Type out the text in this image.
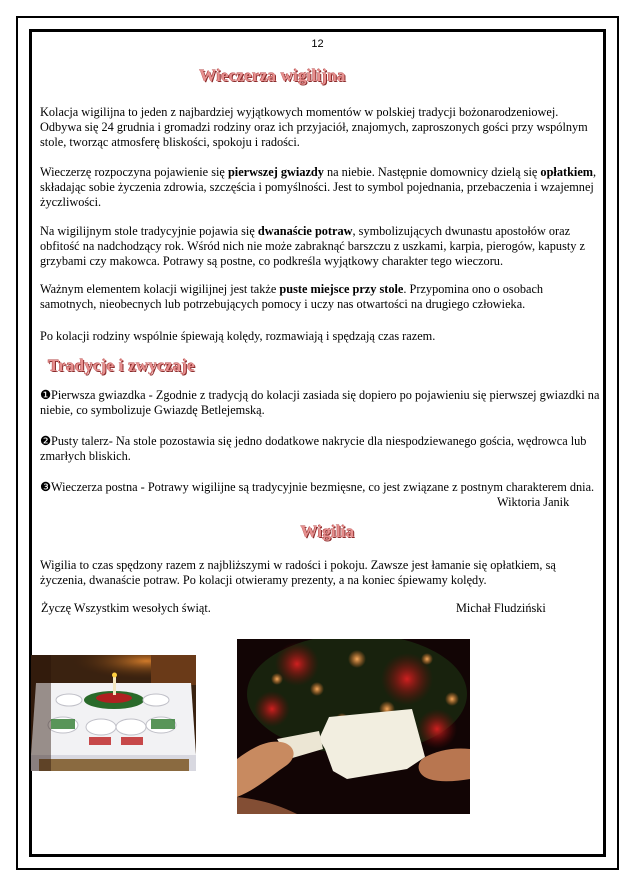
12
Wieczerza wigilijna
Kolacja wigilijna to jeden z najbardziej wyjątkowych momentów w polskiej tradycji bożonarodzeniowej. Odbywa się 24 grudnia i gromadzi rodziny oraz ich przyjaciół, znajomych, zaproszonych gości przy wspólnym stole, tworząc atmosferę bliskości, spokoju i radości.
Wieczerzę rozpoczyna pojawienie się pierwszej gwiazdy na niebie. Następnie domownicy dzielą się opłatkiem, składając sobie życzenia zdrowia, szczęścia i pomyślności. Jest to symbol pojednania, przebaczenia i wzajemnej życzliwości.
Na wigilijnym stole tradycyjnie pojawia się dwanaście potraw, symbolizujących dwunastu apostołów oraz obfitość na nadchodzący rok. Wśród nich nie może zabraknąć barszczu z uszkami, karpia, pierogów, kapusty z grzybami czy makowca. Potrawy są postne, co podkreśla wyjątkowy charakter tego wieczoru.
Ważnym elementem kolacji wigilijnej jest także puste miejsce przy stole. Przypomina ono o osobach samotnych, nieobecnych lub potrzebujących pomocy i uczy nas otwartości na drugiego człowieka.
Po kolacji rodziny wspólnie śpiewają kolędy, rozmawiają i spędzają czas razem.
Tradycje i zwyczaje
❶Pierwsza gwiazdka - Zgodnie z tradycją do kolacji zasiada się dopiero po pojawieniu się pierwszej gwiazdki na niebie, co symbolizuje Gwiazdę Betlejemską.
❷Pusty talerz- Na stole pozostawia się jedno dodatkowe nakrycie dla niespodziewanego gościa, wędrowca lub zmarłych bliskich.
❸Wieczerza postna - Potrawy wigilijne są tradycyjnie bezmięsne, co jest związane z postnym charakterem dnia.
Wiktoria Janik
Wigilia
Wigilia to czas spędzony razem z najbliższymi w radości i pokoju. Zawsze jest łamanie się opłatkiem, są życzenia, dwanaście potraw. Po kolacji otwieramy prezenty, a na koniec śpiewamy kolędy.
Życzę Wszystkim wesołych świąt.	Michał Fludziński
